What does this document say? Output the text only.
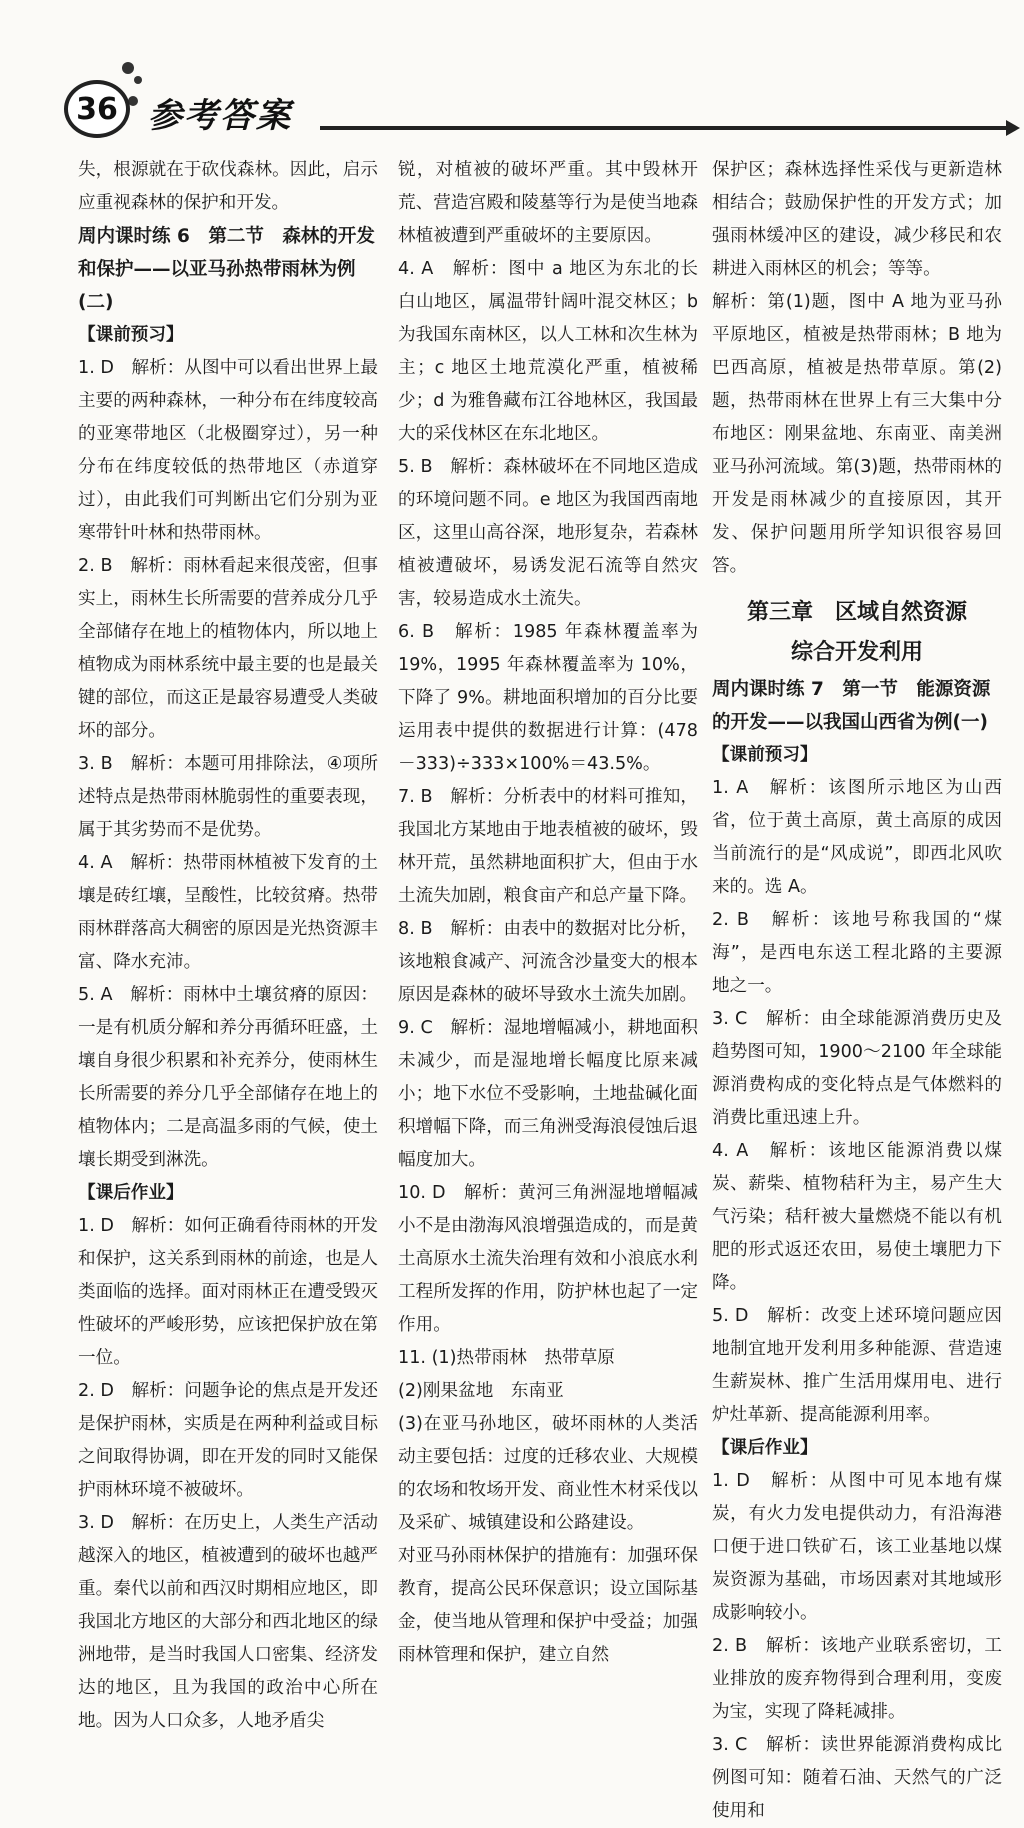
36 参考答案
失，根源就在于砍伐森林。因此，启示应重视森林的保护和开发。
周内课时练 6　第二节　森林的开发和保护——以亚马孙热带雨林为例(二)
【课前预习】
1. D　解析：从图中可以看出世界上最主要的两种森林，一种分布在纬度较高的亚寒带地区（北极圈穿过），另一种分布在纬度较低的热带地区（赤道穿过），由此我们可判断出它们分别为亚寒带针叶林和热带雨林。
2. B　解析：雨林看起来很茂密，但事实上，雨林生长所需要的营养成分几乎全部储存在地上的植物体内，所以地上植物成为雨林系统中最主要的也是最关键的部位，而这正是最容易遭受人类破坏的部分。
3. B　解析：本题可用排除法，④项所述特点是热带雨林脆弱性的重要表现，属于其劣势而不是优势。
4. A　解析：热带雨林植被下发育的土壤是砖红壤，呈酸性，比较贫瘠。热带雨林群落高大稠密的原因是光热资源丰富、降水充沛。
5. A　解析：雨林中土壤贫瘠的原因：一是有机质分解和养分再循环旺盛，土壤自身很少积累和补充养分，使雨林生长所需要的养分几乎全部储存在地上的植物体内；二是高温多雨的气候，使土壤长期受到淋洗。
【课后作业】
1. D　解析：如何正确看待雨林的开发和保护，这关系到雨林的前途，也是人类面临的选择。面对雨林正在遭受毁灭性破坏的严峻形势，应该把保护放在第一位。
2. D　解析：问题争论的焦点是开发还是保护雨林，实质是在两种利益或目标之间取得协调，即在开发的同时又能保护雨林环境不被破坏。
3. D　解析：在历史上，人类生产活动越深入的地区，植被遭到的破坏也越严重。秦代以前和西汉时期相应地区，即我国北方地区的大部分和西北地区的绿洲地带，是当时我国人口密集、经济发达的地区，且为我国的政治中心所在地。因为人口众多，人地矛盾尖
锐，对植被的破坏严重。其中毁林开荒、营造宫殿和陵墓等行为是使当地森林植被遭到严重破坏的主要原因。
4. A　解析：图中 a 地区为东北的长白山地区，属温带针阔叶混交林区；b 为我国东南林区，以人工林和次生林为主；c 地区土地荒漠化严重，植被稀少；d 为雅鲁藏布江谷地林区，我国最大的采伐林区在东北地区。
5. B　解析：森林破坏在不同地区造成的环境问题不同。e 地区为我国西南地区，这里山高谷深，地形复杂，若森林植被遭破坏，易诱发泥石流等自然灾害，较易造成水土流失。
6. B　解析：1985 年森林覆盖率为 19%，1995 年森林覆盖率为 10%，下降了 9%。耕地面积增加的百分比要运用表中提供的数据进行计算：(478－333)÷333×100%＝43.5%。
7. B　解析：分析表中的材料可推知，我国北方某地由于地表植被的破坏，毁林开荒，虽然耕地面积扩大，但由于水土流失加剧，粮食亩产和总产量下降。
8. B　解析：由表中的数据对比分析，该地粮食减产、河流含沙量变大的根本原因是森林的破坏导致水土流失加剧。
9. C　解析：湿地增幅减小，耕地面积未减少，而是湿地增长幅度比原来减小；地下水位不受影响，土地盐碱化面积增幅下降，而三角洲受海浪侵蚀后退幅度加大。
10. D　解析：黄河三角洲湿地增幅减小不是由渤海风浪增强造成的，而是黄土高原水土流失治理有效和小浪底水利工程所发挥的作用，防护林也起了一定作用。
11. (1)热带雨林　热带草原
(2)刚果盆地　东南亚
(3)在亚马孙地区，破坏雨林的人类活动主要包括：过度的迁移农业、大规模的农场和牧场开发、商业性木材采伐以及采矿、城镇建设和公路建设。
对亚马孙雨林保护的措施有：加强环保教育，提高公民环保意识；设立国际基金，使当地从管理和保护中受益；加强雨林管理和保护，建立自然
保护区；森林选择性采伐与更新造林相结合；鼓励保护性的开发方式；加强雨林缓冲区的建设，减少移民和农耕进入雨林区的机会；等等。
解析：第(1)题，图中 A 地为亚马孙平原地区，植被是热带雨林；B 地为巴西高原，植被是热带草原。第(2)题，热带雨林在世界上有三大集中分布地区：刚果盆地、东南亚、南美洲亚马孙河流域。第(3)题，热带雨林的开发是雨林减少的直接原因，其开发、保护问题用所学知识很容易回答。
第三章　区域自然资源
综合开发利用
周内课时练 7　第一节　能源资源的开发——以我国山西省为例(一)
【课前预习】
1. A　解析：该图所示地区为山西省，位于黄土高原，黄土高原的成因当前流行的是“风成说”，即西北风吹来的。选 A。
2. B　解析：该地号称我国的“煤海”，是西电东送工程北路的主要源地之一。
3. C　解析：由全球能源消费历史及趋势图可知，1900～2100 年全球能源消费构成的变化特点是气体燃料的消费比重迅速上升。
4. A　解析：该地区能源消费以煤炭、薪柴、植物秸秆为主，易产生大气污染；秸秆被大量燃烧不能以有机肥的形式返还农田，易使土壤肥力下降。
5. D　解析：改变上述环境问题应因地制宜地开发利用多种能源、营造速生薪炭林、推广生活用煤用电、进行炉灶革新、提高能源利用率。
【课后作业】
1. D　解析：从图中可见本地有煤炭，有火力发电提供动力，有沿海港口便于进口铁矿石，该工业基地以煤炭资源为基础，市场因素对其地域形成影响较小。
2. B　解析：该地产业联系密切，工业排放的废弃物得到合理利用，变废为宝，实现了降耗减排。
3. C　解析：读世界能源消费构成比例图可知：随着石油、天然气的广泛使用和
